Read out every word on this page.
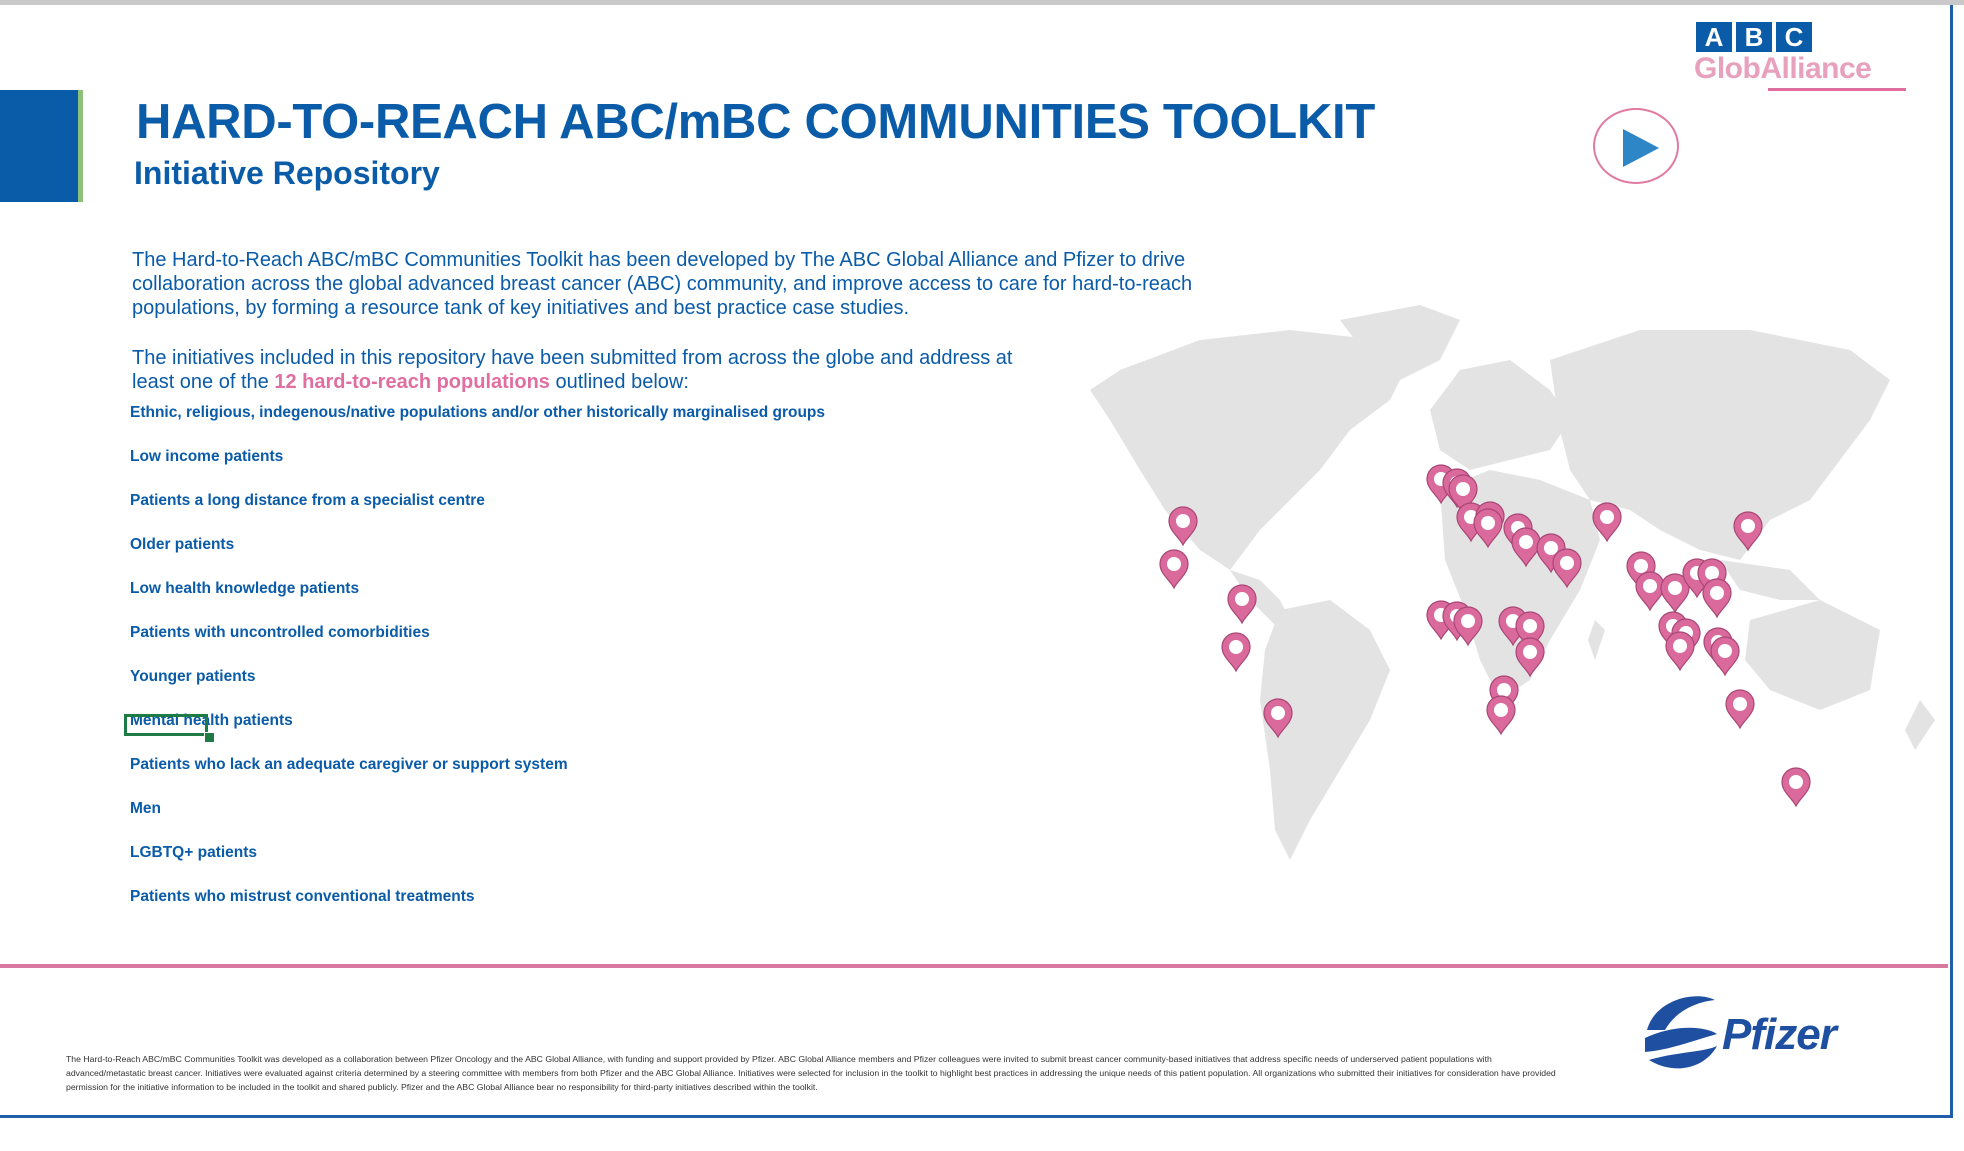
HARD-TO-REACH ABC/mBC COMMUNITIES TOOLKIT
Initiative Repository
A B C
GlobAlliance
The Hard-to-Reach ABC/mBC Communities Toolkit has been developed by The ABC Global Alliance and Pfizer to drive collaboration across the global advanced breast cancer (ABC) community, and improve access to care for hard-to-reach populations, by forming a resource tank of key initiatives and best practice case studies.
The initiatives included in this repository have been submitted from across the globe and address at least one of the 12 hard-to-reach populations outlined below:
Ethnic, religious, indegenous/native populations and/or other historically marginalised groups
Low income patients
Patients a long distance from a specialist centre
Older patients
Low health knowledge patients
Patients with uncontrolled comorbidities
Younger patients
Mental health patients
Patients who lack an adequate caregiver or support system
Men
LGBTQ+ patients
Patients who mistrust conventional treatments
The Hard-to-Reach ABC/mBC Communities Toolkit was developed as a collaboration between Pfizer Oncology and the ABC Global Alliance, with funding and support provided by Pfizer. ABC Global Alliance members and Pfizer colleagues were invited to submit breast cancer community-based initiatives that address specific needs of underserved patient populations with advanced/metastatic breast cancer. Initiatives were evaluated against criteria determined by a steering committee with members from both Pfizer and the ABC Global Alliance. Initiatives were selected for inclusion in the toolkit to highlight best practices in addressing the unique needs of this patient population. All organizations who submitted their initiatives for consideration have provided permission for the initiative information to be included in the toolkit and shared publicly. Pfizer and the ABC Global Alliance bear no responsibility for third-party initiatives described within the toolkit.
Pfizer
